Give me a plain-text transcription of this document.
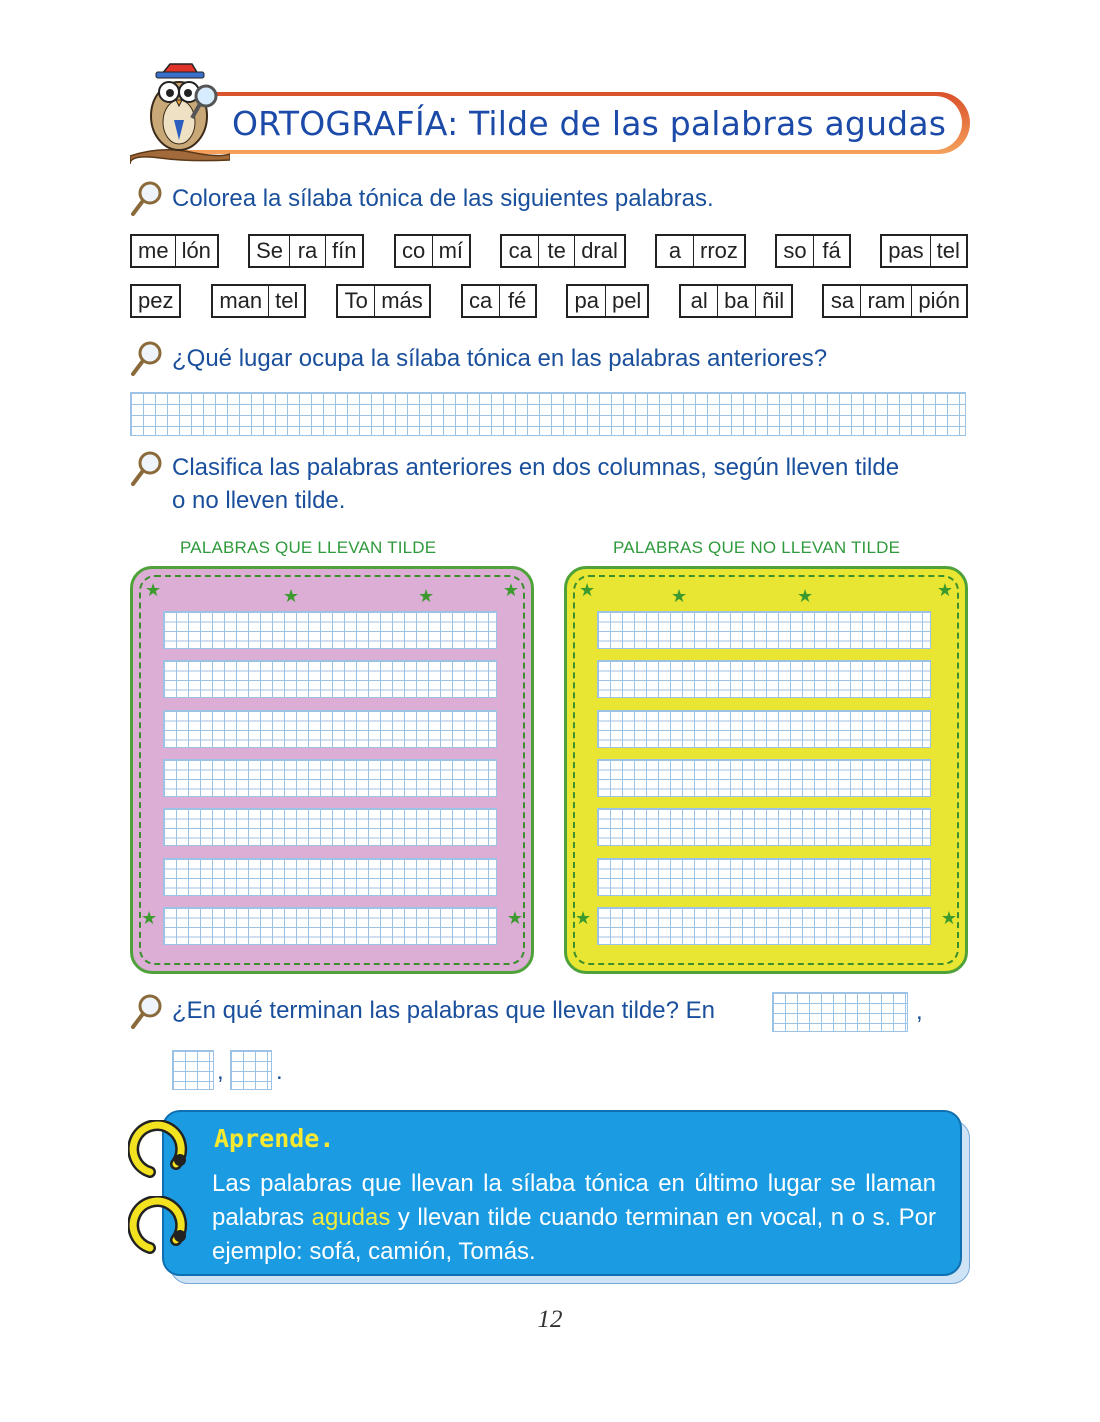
ORTOGRAFÍA: Tilde de las palabras agudas
Colorea la sílaba tónica de las siguientes palabras.
me lón Se ra fín co mí ca te dral	a rroz so fá	pas tel
pez man tel To más ca fé	pa pel	al ba ñil sa ram pión
¿Qué lugar ocupa la sílaba tónica en las palabras anteriores?
Clasifica las palabras anteriores en dos columnas, según lleven tilde
o no lleven tilde.
PALABRAS QUE LLEVAN TILDE	PALABRAS QUE NO LLEVAN TILDE
★	★
★	★
★	★
★	★
★	★
★	★
¿En qué terminan las palabras que llevan tilde? En	,
, .
Aprende.
Las palabras que llevan la sílaba tónica en último lugar se llaman palabras agudas y llevan tilde cuando terminan en vocal, n o s. Por ejemplo: sofá, camión, Tomás.
12
